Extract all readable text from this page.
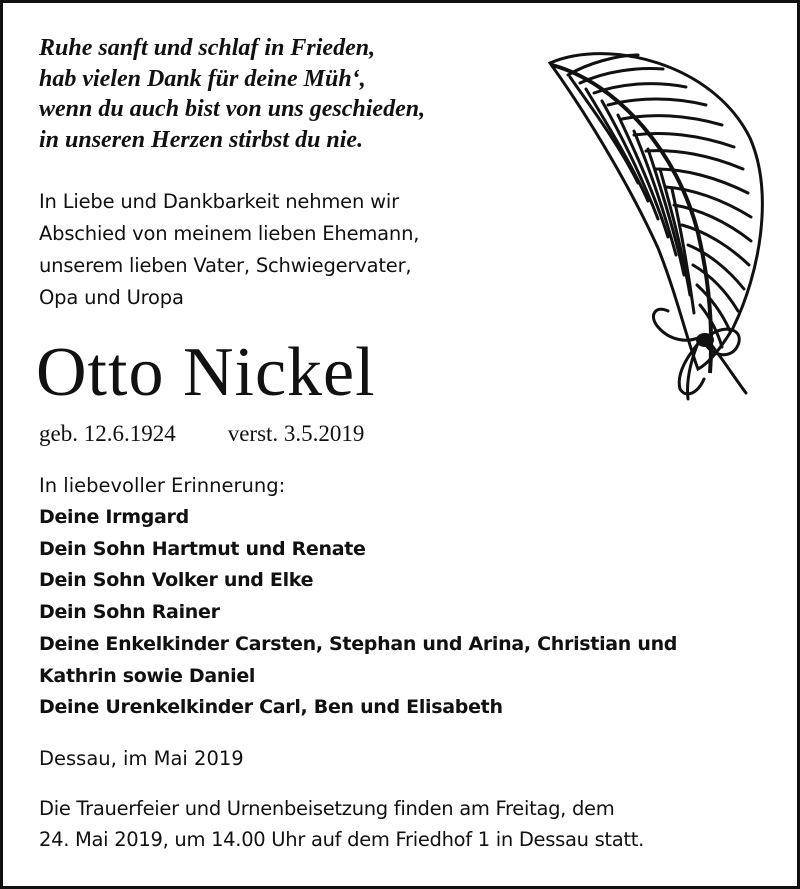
Ruhe sanft und schlaf in Frieden,
hab vielen Dank für deine Müh‘,
wenn du auch bist von uns geschieden,
in unseren Herzen stirbst du nie.
In Liebe und Dankbarkeit nehmen wir
Abschied von meinem lieben Ehemann,
unserem lieben Vater, Schwiegervater,
Opa und Uropa
Otto Nickel
geb. 12.6.1924 verst. 3.5.2019
In liebevoller Erinnerung:
Deine Irmgard
Dein Sohn Hartmut und Renate
Dein Sohn Volker und Elke
Dein Sohn Rainer
Deine Enkelkinder Carsten, Stephan und Arina, Christian und
Kathrin sowie Daniel
Deine Urenkelkinder Carl, Ben und Elisabeth
Dessau, im Mai 2019
Die Trauerfeier und Urnenbeisetzung finden am Freitag, dem
24. Mai 2019, um 14.00 Uhr auf dem Friedhof 1 in Dessau statt.
